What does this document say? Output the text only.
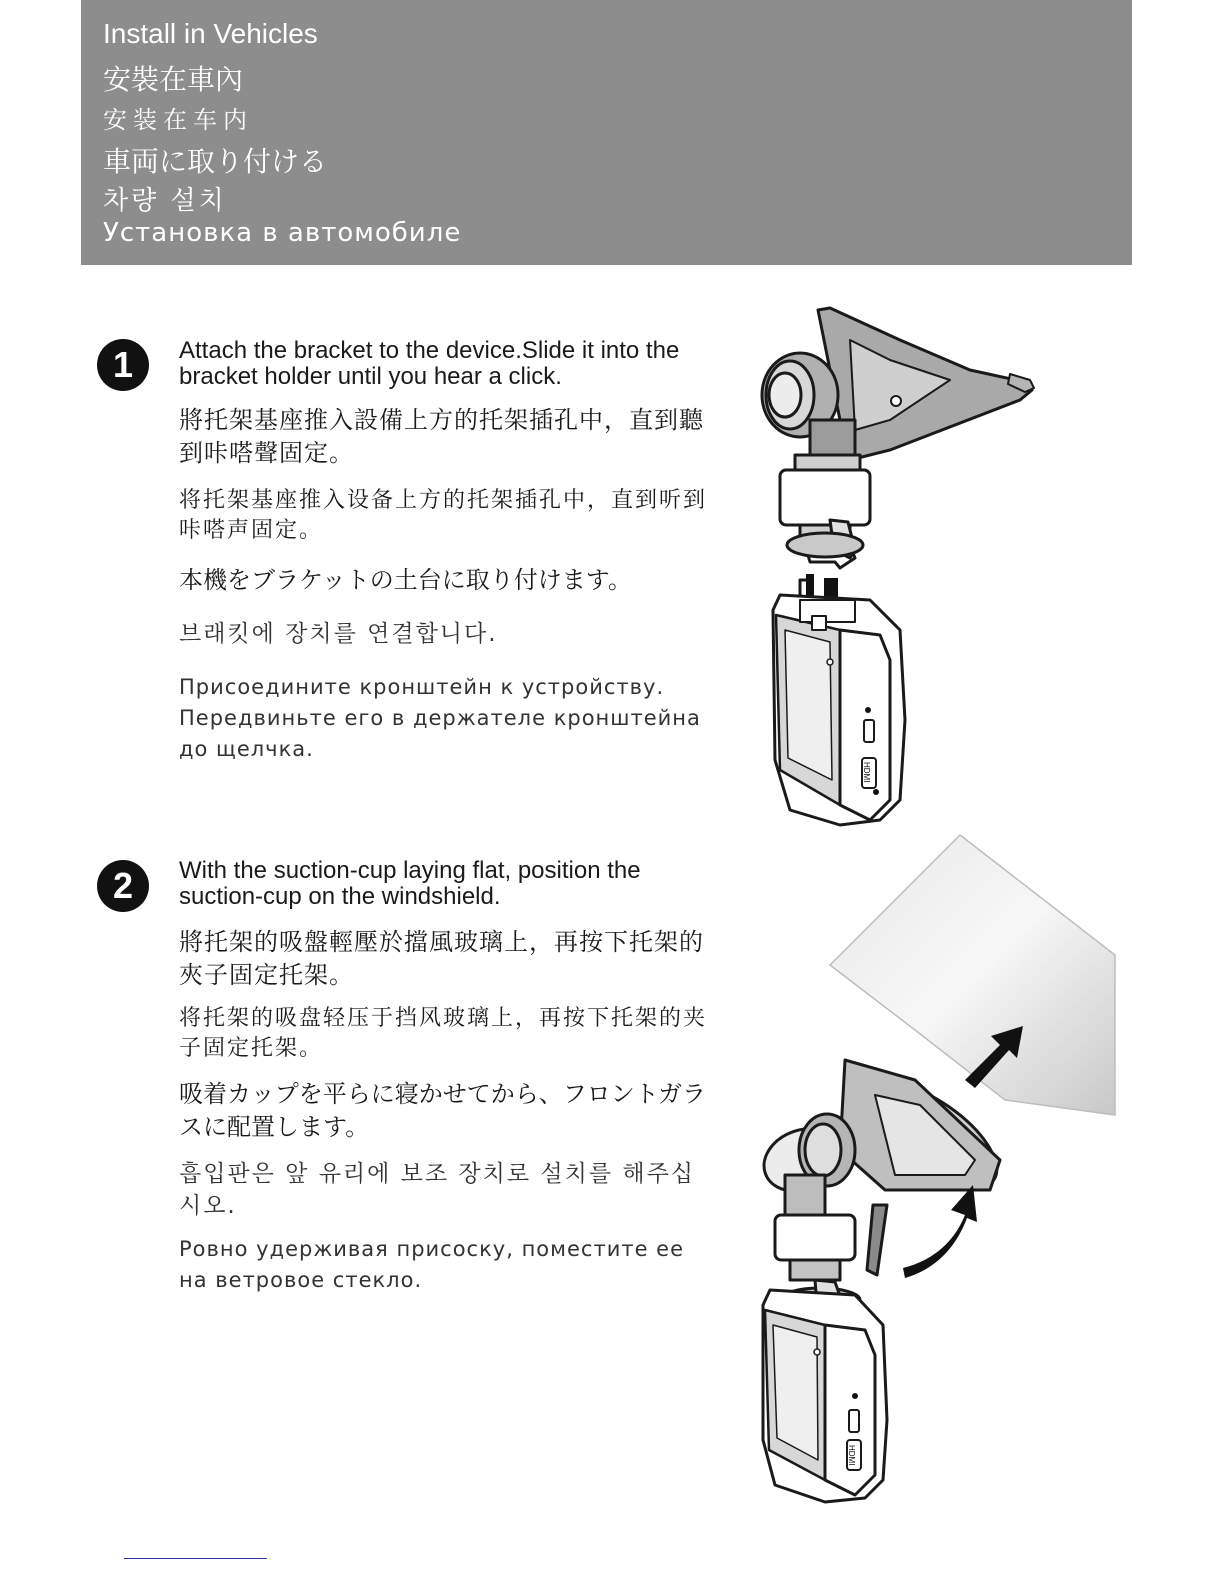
Install in Vehicles
安裝在車內
安装在车内
車両に取り付ける
차량 설치
Установка в автомобиле
1	Attach the bracket to the device.Slide it into the bracket holder until you hear a click.

將托架基座推入設備上方的托架插孔中，直到聽到咔嗒聲固定。

将托架基座推入设备上方的托架插孔中，直到听到咔嗒声固定。

本機をブラケットの土台に取り付けます。

브래킷에 장치를 연결합니다.

Присоедините кронштейн к устройству. Передвиньте его в держателе кронштейна до щелчка.

2	With the suction-cup laying flat, position the suction-cup on the windshield.

將托架的吸盤輕壓於擋風玻璃上，再按下托架的夾子固定托架。

将托架的吸盘轻压于挡风玻璃上，再按下托架的夹子固定托架。

吸着カップを平らに寝かせてから、フロントガラスに配置します。

흡입판은 앞 유리에 보조 장치로 설치를 해주십시오.

Ровно удерживая присоску, поместите ее на ветровое стекло.

HDMI
HDMI
